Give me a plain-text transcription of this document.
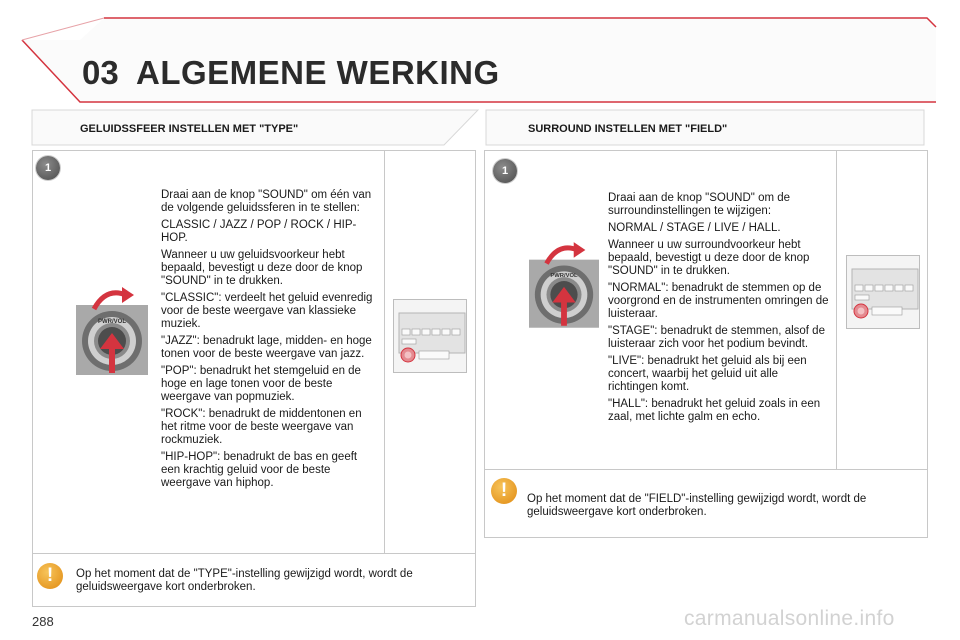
03 ALGEMENE WERKING
GELUIDSSFEER INSTELLEN MET "TYPE"	SURROUND INSTELLEN MET "FIELD"
1
PWR/VOL

Draai aan de knop "SOUND" om één van de volgende geluidssferen in te stellen:

CLASSIC / JAZZ / POP / ROCK / HIP-HOP.

Wanneer u uw geluidsvoorkeur hebt bepaald, bevestigt u deze door de knop "SOUND" in te drukken.

"CLASSIC": verdeelt het geluid evenredig voor de beste weergave van klassieke muziek.

"JAZZ": benadrukt lage, midden- en hoge tonen voor de beste weergave van jazz.

"POP": benadrukt het stemgeluid en de hoge en lage tonen voor de beste weergave van popmuziek.

"ROCK": benadrukt de middentonen en het ritme voor de beste weergave van rockmuziek.

"HIP-HOP": benadrukt de bas en geeft een krachtig geluid voor de beste weergave van hiphop.

!	Op het moment dat de "TYPE"-instelling gewijzigd wordt, wordt de geluidsweergave kort onderbroken.
1
PWR/VOL

Draai aan de knop "SOUND" om de surroundinstellingen te wijzigen:

NORMAL / STAGE / LIVE / HALL.

Wanneer u uw surroundvoorkeur hebt bepaald, bevestigt u deze door de knop "SOUND" in te drukken.

"NORMAL": benadrukt de stemmen op de voorgrond en de instrumenten omringen de luisteraar.

"STAGE": benadrukt de stemmen, alsof de luisteraar zich voor het podium bevindt.

"LIVE": benadrukt het geluid als bij een concert, waarbij het geluid uit alle richtingen komt.

"HALL": benadrukt het geluid zoals in een zaal, met lichte galm en echo.

!	Op het moment dat de "FIELD"-instelling gewijzigd wordt, wordt de geluidsweergave kort onderbroken.
288	carmanualsonline.info
